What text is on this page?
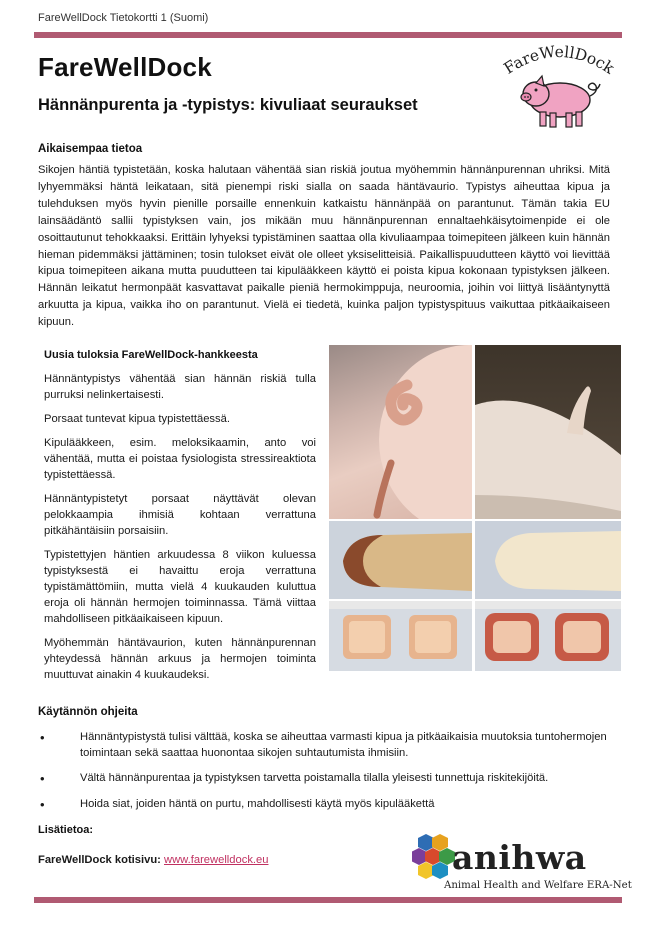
FareWellDock Tietokortti 1 (Suomi)
FareWellDock
Hännänpurenta ja -typistys: kivuliaat seuraukset
FareWellDock
Aikaisempaa tietoa
Sikojen häntiä typistetään, koska halutaan vähentää sian riskiä joutua myöhemmin hännänpurennan uhriksi. Mitä lyhyemmäksi häntä leikataan, sitä pienempi riski sialla on saada häntävaurio. Typistys aiheuttaa kipua ja tulehduksen myös hyvin pienille porsaille ennenkuin katkaistu hännänpää on parantunut. Tämän takia EU lainsäädäntö sallii typistyksen vain, jos mikään muu hännänpurennan ennaltaehkäisytoimenpide ei ole osoittautunut tehokkaaksi. Erittäin lyhyeksi typistäminen saattaa olla kivuliaampaa toimepiteen jälkeen kuin hännän hieman pidemmäksi jättäminen; tosin tulokset eivät ole olleet yksiselitteisiä. Paikallispuudutteen käyttö voi lievittää kipua toimepiteen aikana mutta puudutteen tai kipulääkkeen käyttö ei poista kipua kokonaan typistyksen jälkeen. Hännän leikatut hermonpäät kasvattavat paikalle pieniä hermokimppuja, neuroomia, joihin voi liittyä lisääntynyttä arkuutta ja kipua, vaikka iho on parantunut. Vielä ei tiedetä, kuinka paljon typistyspituus vaikuttaa pitkäaikaiseen kipuun.
Uusia tuloksia FareWellDock-hankkeesta

Hännäntypistys vähentää sian hännän riskiä tulla purruksi nelinkertaisesti.

Porsaat tuntevat kipua typistettäessä.

Kipulääkkeen, esim. meloksikaamin, anto voi vähentää, mutta ei poistaa fysiologista stressireaktiota typistettäessä.

Hännäntypistetyt porsaat näyttävät olevan pelokkaampia ihmisiä kohtaan verrattuna pitkähäntäisiin porsaisiin.

Typistettyjen häntien arkuudessa 8 viikon kuluessa typistyksestä ei havaittu eroja verrattuna typistämättömiin, mutta vielä 4 kuukauden kuluttua eroja oli hännän hermojen toiminnassa. Tämä viittaa mahdolliseen pitkäaikaiseen kipuun.

Myöhemmän häntävaurion, kuten hännänpurennan yhteydessä hännän arkuus ja hermojen toiminta muuttuvat ainakin 4 kuukaudeksi.

Käytännön ohjeita
•	Hännäntypistystä tulisi välttää, koska se aiheuttaa varmasti kipua ja pitkäaikaisia muutoksia tuntohermojen toimintaan sekä saattaa huonontaa sikojen suhtautumista ihmisiin.
•	Vältä hännänpurentaa ja typistyksen tarvetta poistamalla tilalla yleisesti tunnettuja riskitekijöitä.
•	Hoida siat, joiden häntä on purtu, mahdollisesti käytä myös kipulääkettä
Lisätietoa:
FareWellDock kotisivu: www.farewelldock.eu	anihwa
Animal Health and Welfare ERA-Net
